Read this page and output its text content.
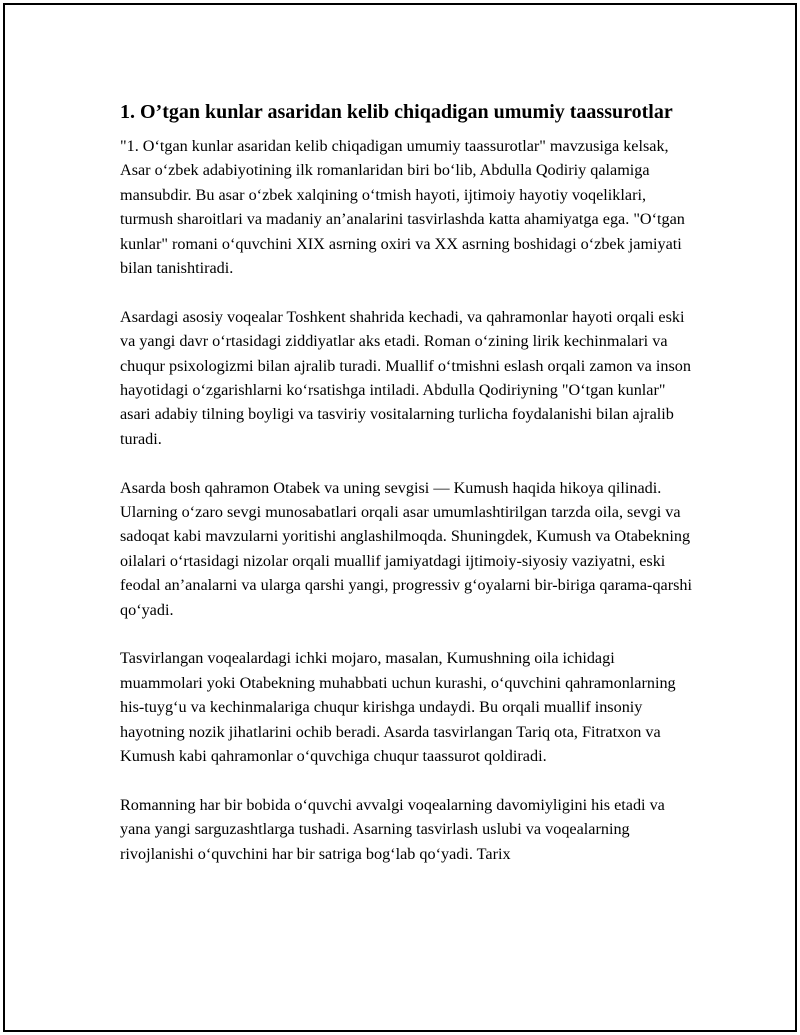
1. O’tgan kunlar asaridan kelib chiqadigan umumiy taassurotlar

"1. O‘tgan kunlar asaridan kelib chiqadigan umumiy taassurotlar" mavzusiga kelsak, Asar o‘zbek adabiyotining ilk romanlaridan biri bo‘lib, Abdulla Qodiriy qalamiga mansubdir. Bu asar o‘zbek xalqining o‘tmish hayoti, ijtimoiy hayotiy voqeliklari, turmush sharoitlari va madaniy an’analarini tasvirlashda katta ahamiyatga ega. "O‘tgan kunlar" romani o‘quvchini XIX asrning oxiri va XX asrning boshidagi o‘zbek jamiyati bilan tanishtiradi.

Asardagi asosiy voqealar Toshkent shahrida kechadi, va qahramonlar hayoti orqali eski va yangi davr o‘rtasidagi ziddiyatlar aks etadi. Roman o‘zining lirik kechinmalari va chuqur psixologizmi bilan ajralib turadi. Muallif o‘tmishni eslash orqali zamon va inson hayotidagi o‘zgarishlarni ko‘rsatishga intiladi. Abdulla Qodiriyning "O‘tgan kunlar" asari adabiy tilning boyligi va tasviriy vositalarning turlicha foydalanishi bilan ajralib turadi.

Asarda bosh qahramon Otabek va uning sevgisi — Kumush haqida hikoya qilinadi. Ularning o‘zaro sevgi munosabatlari orqali asar umumlashtirilgan tarzda oila, sevgi va sadoqat kabi mavzularni yoritishi anglashilmoqda. Shuningdek, Kumush va Otabekning oilalari o‘rtasidagi nizolar orqali muallif jamiyatdagi ijtimoiy-siyosiy vaziyatni, eski feodal an’analarni va ularga qarshi yangi, progressiv g‘oyalarni bir-biriga qarama-qarshi qo‘yadi.

Tasvirlangan voqealardagi ichki mojaro, masalan, Kumushning oila ichidagi muammolari yoki Otabekning muhabbati uchun kurashi, o‘quvchini qahramonlarning his-tuyg‘u va kechinmalariga chuqur kirishga undaydi. Bu orqali muallif insoniy hayotning nozik jihatlarini ochib beradi. Asarda tasvirlangan Tariq ota, Fitratxon va Kumush kabi qahramonlar o‘quvchiga chuqur taassurot qoldiradi.

Romanning har bir bobida o‘quvchi avvalgi voqealarning davomiyligini his etadi va yana yangi sarguzashtlarga tushadi. Asarning tasvirlash uslubi va voqealarning rivojlanishi o‘quvchini har bir satriga bog‘lab qo‘yadi. Tarix
